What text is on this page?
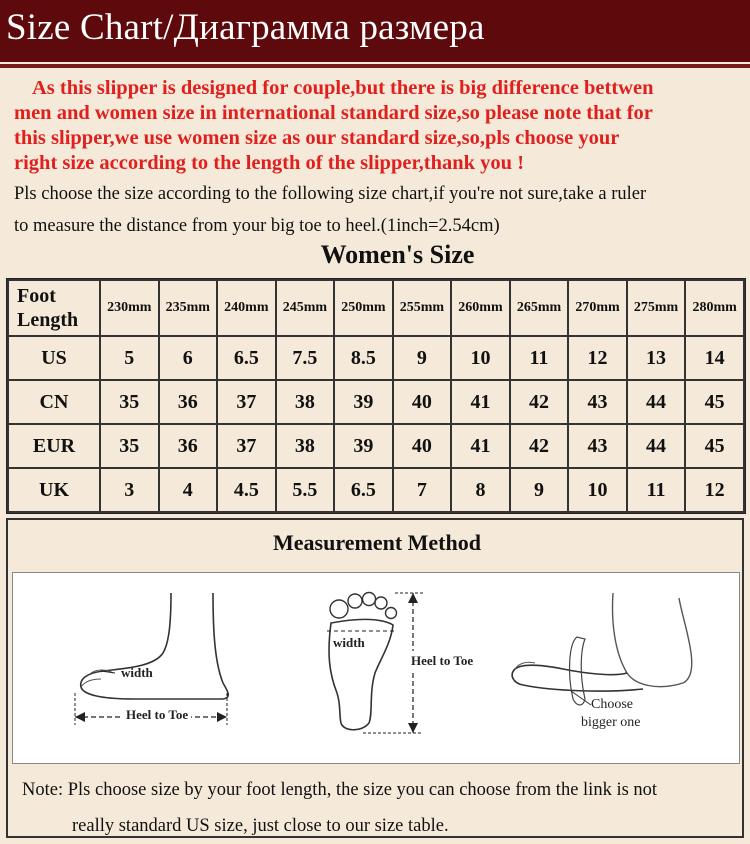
Size Chart/Диаграмма размера
As this slipper is designed for couple,but there is big difference bettwen
men and women size in international standard size,so please note that for
this slipper,we use women size as our standard size,so,pls choose your
right size according to the length of the slipper,thank you !
Pls choose the size according to the following size chart,if you're not sure,take a ruler
to measure the distance from your big toe to heel.(1inch=2.54cm)
Women's Size
Foot
Length	230mm	235mm	240mm	245mm	250mm	255mm	260mm	265mm	270mm	275mm	280mm
US	5	6	6.5	7.5	8.5	9	10	11	12	13	14
CN	35	36	37	38	39	40	41	42	43	44	45
EUR	35	36	37	38	39	40	41	42	43	44	45
UK	3	4	4.5	5.5	6.5	7	8	9	10	11	12
Measurement Method
width
Heel to Toe
width
Heel to Toe
Choose
bigger one
Note: Pls choose size by your foot length, the size you can choose from the link is not
really standard US size, just close to our size table.
